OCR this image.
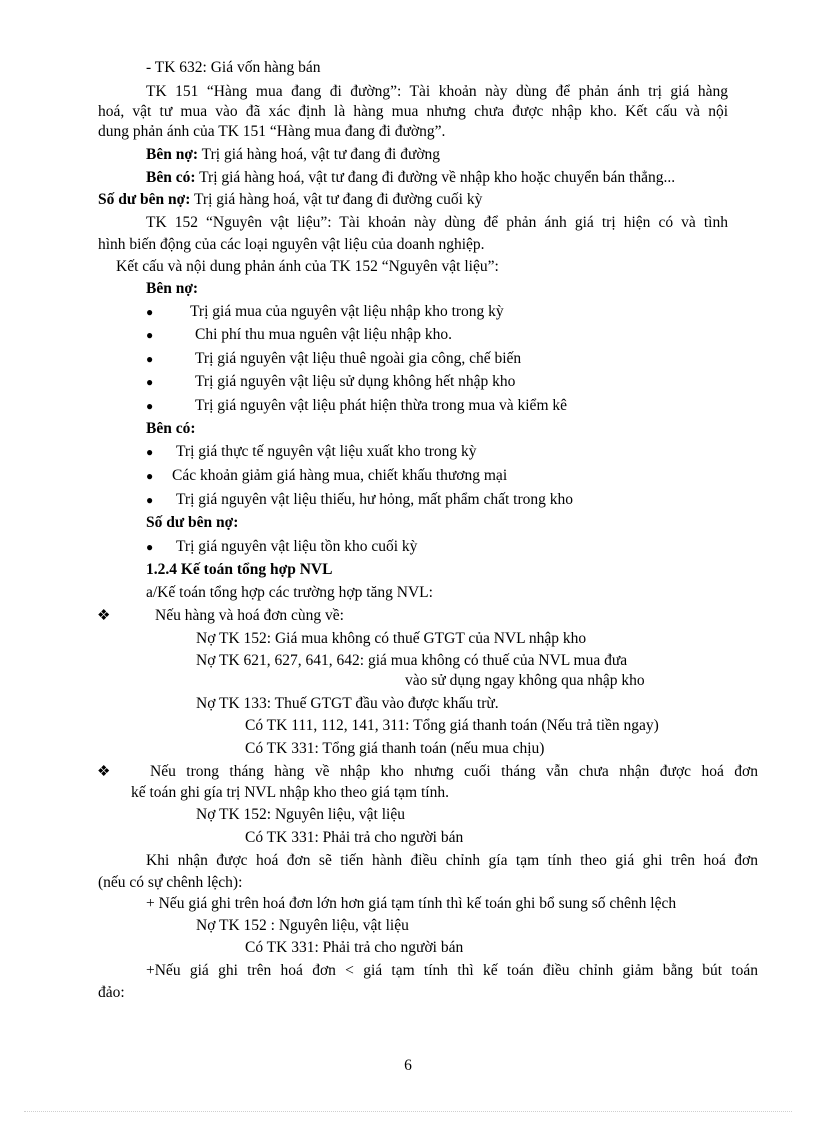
- TK 632: Giá vốn hàng bán
TK 151 “Hàng mua đang đi đường”: Tài khoản này dùng để phản ánh trị giá hàng
hoá, vật tư mua vào đã xác định là hàng mua nhưng chưa được nhập kho. Kết cấu và nội
dung phản ánh của TK 151 “Hàng mua đang đi đường”.
Bên nợ: Trị giá hàng hoá, vật tư đang đi đường
Bên có: Trị giá hàng hoá, vật tư đang đi đường về nhập kho hoặc chuyển bán thẳng...
Số dư bên nợ: Trị giá hàng hoá, vật tư đang đi đường cuối kỳ
TK 152 “Nguyên vật liệu”: Tài khoản này dùng để phản ánh giá trị hiện có và tình
hình biến động của các loại nguyên vật liệu của doanh nghiệp.
Kết cấu và nội dung phản ánh của TK 152 “Nguyên vật liệu”:
Bên nợ:
● Trị giá mua của nguyên vật liệu nhập kho trong kỳ
●	Chi phí thu mua nguên vật liệu nhập kho.
●	Trị giá nguyên vật liệu thuê ngoài gia công, chế biến
●	Trị giá nguyên vật liệu sử dụng không hết nhập kho
●	Trị giá nguyên vật liệu phát hiện thừa trong mua và kiểm kê
Bên có:
● Trị giá thực tế nguyên vật liệu xuất kho trong kỳ
● Các khoản giảm giá hàng mua, chiết khấu thương mại
● Trị giá nguyên vật liệu thiếu, hư hỏng, mất phẩm chất trong kho
Số dư bên nợ:
● Trị giá nguyên vật liệu tồn kho cuối kỳ
1.2.4 Kế toán tổng hợp NVL
a/Kế toán tổng hợp các trường hợp tăng NVL:
❖	Nếu hàng và hoá đơn cùng về:
Nợ TK 152: Giá mua không có thuế GTGT của NVL nhập kho
Nợ TK 621, 627, 641, 642: giá mua không có thuế của NVL mua đưa
vào sử dụng ngay không qua nhập kho
Nợ TK 133: Thuế GTGT đầu vào được khấu trừ.
Có TK 111, 112, 141, 311: Tổng giá thanh toán (Nếu trả tiền ngay)
Có TK 331: Tổng giá thanh toán (nếu mua chịu)
❖	Nếu trong tháng hàng về nhập kho nhưng cuối tháng vẫn chưa nhận được hoá đơn
kế toán ghi gía trị NVL nhập kho theo giá tạm tính.
Nợ TK 152: Nguyên liệu, vật liệu
Có TK 331: Phải trả cho người bán
Khi nhận được hoá đơn sẽ tiến hành điều chỉnh gía tạm tính theo giá ghi trên hoá đơn
(nếu có sự chênh lệch):
+ Nếu giá ghi trên hoá đơn lớn hơn giá tạm tính thì kế toán ghi bổ sung số chênh lệch
Nợ TK 152 : Nguyên liệu, vật liệu
Có TK 331: Phải trả cho người bán
+Nếu giá ghi trên hoá đơn < giá tạm tính thì kế toán điều chỉnh giảm bằng bút toán
đảo:
6
